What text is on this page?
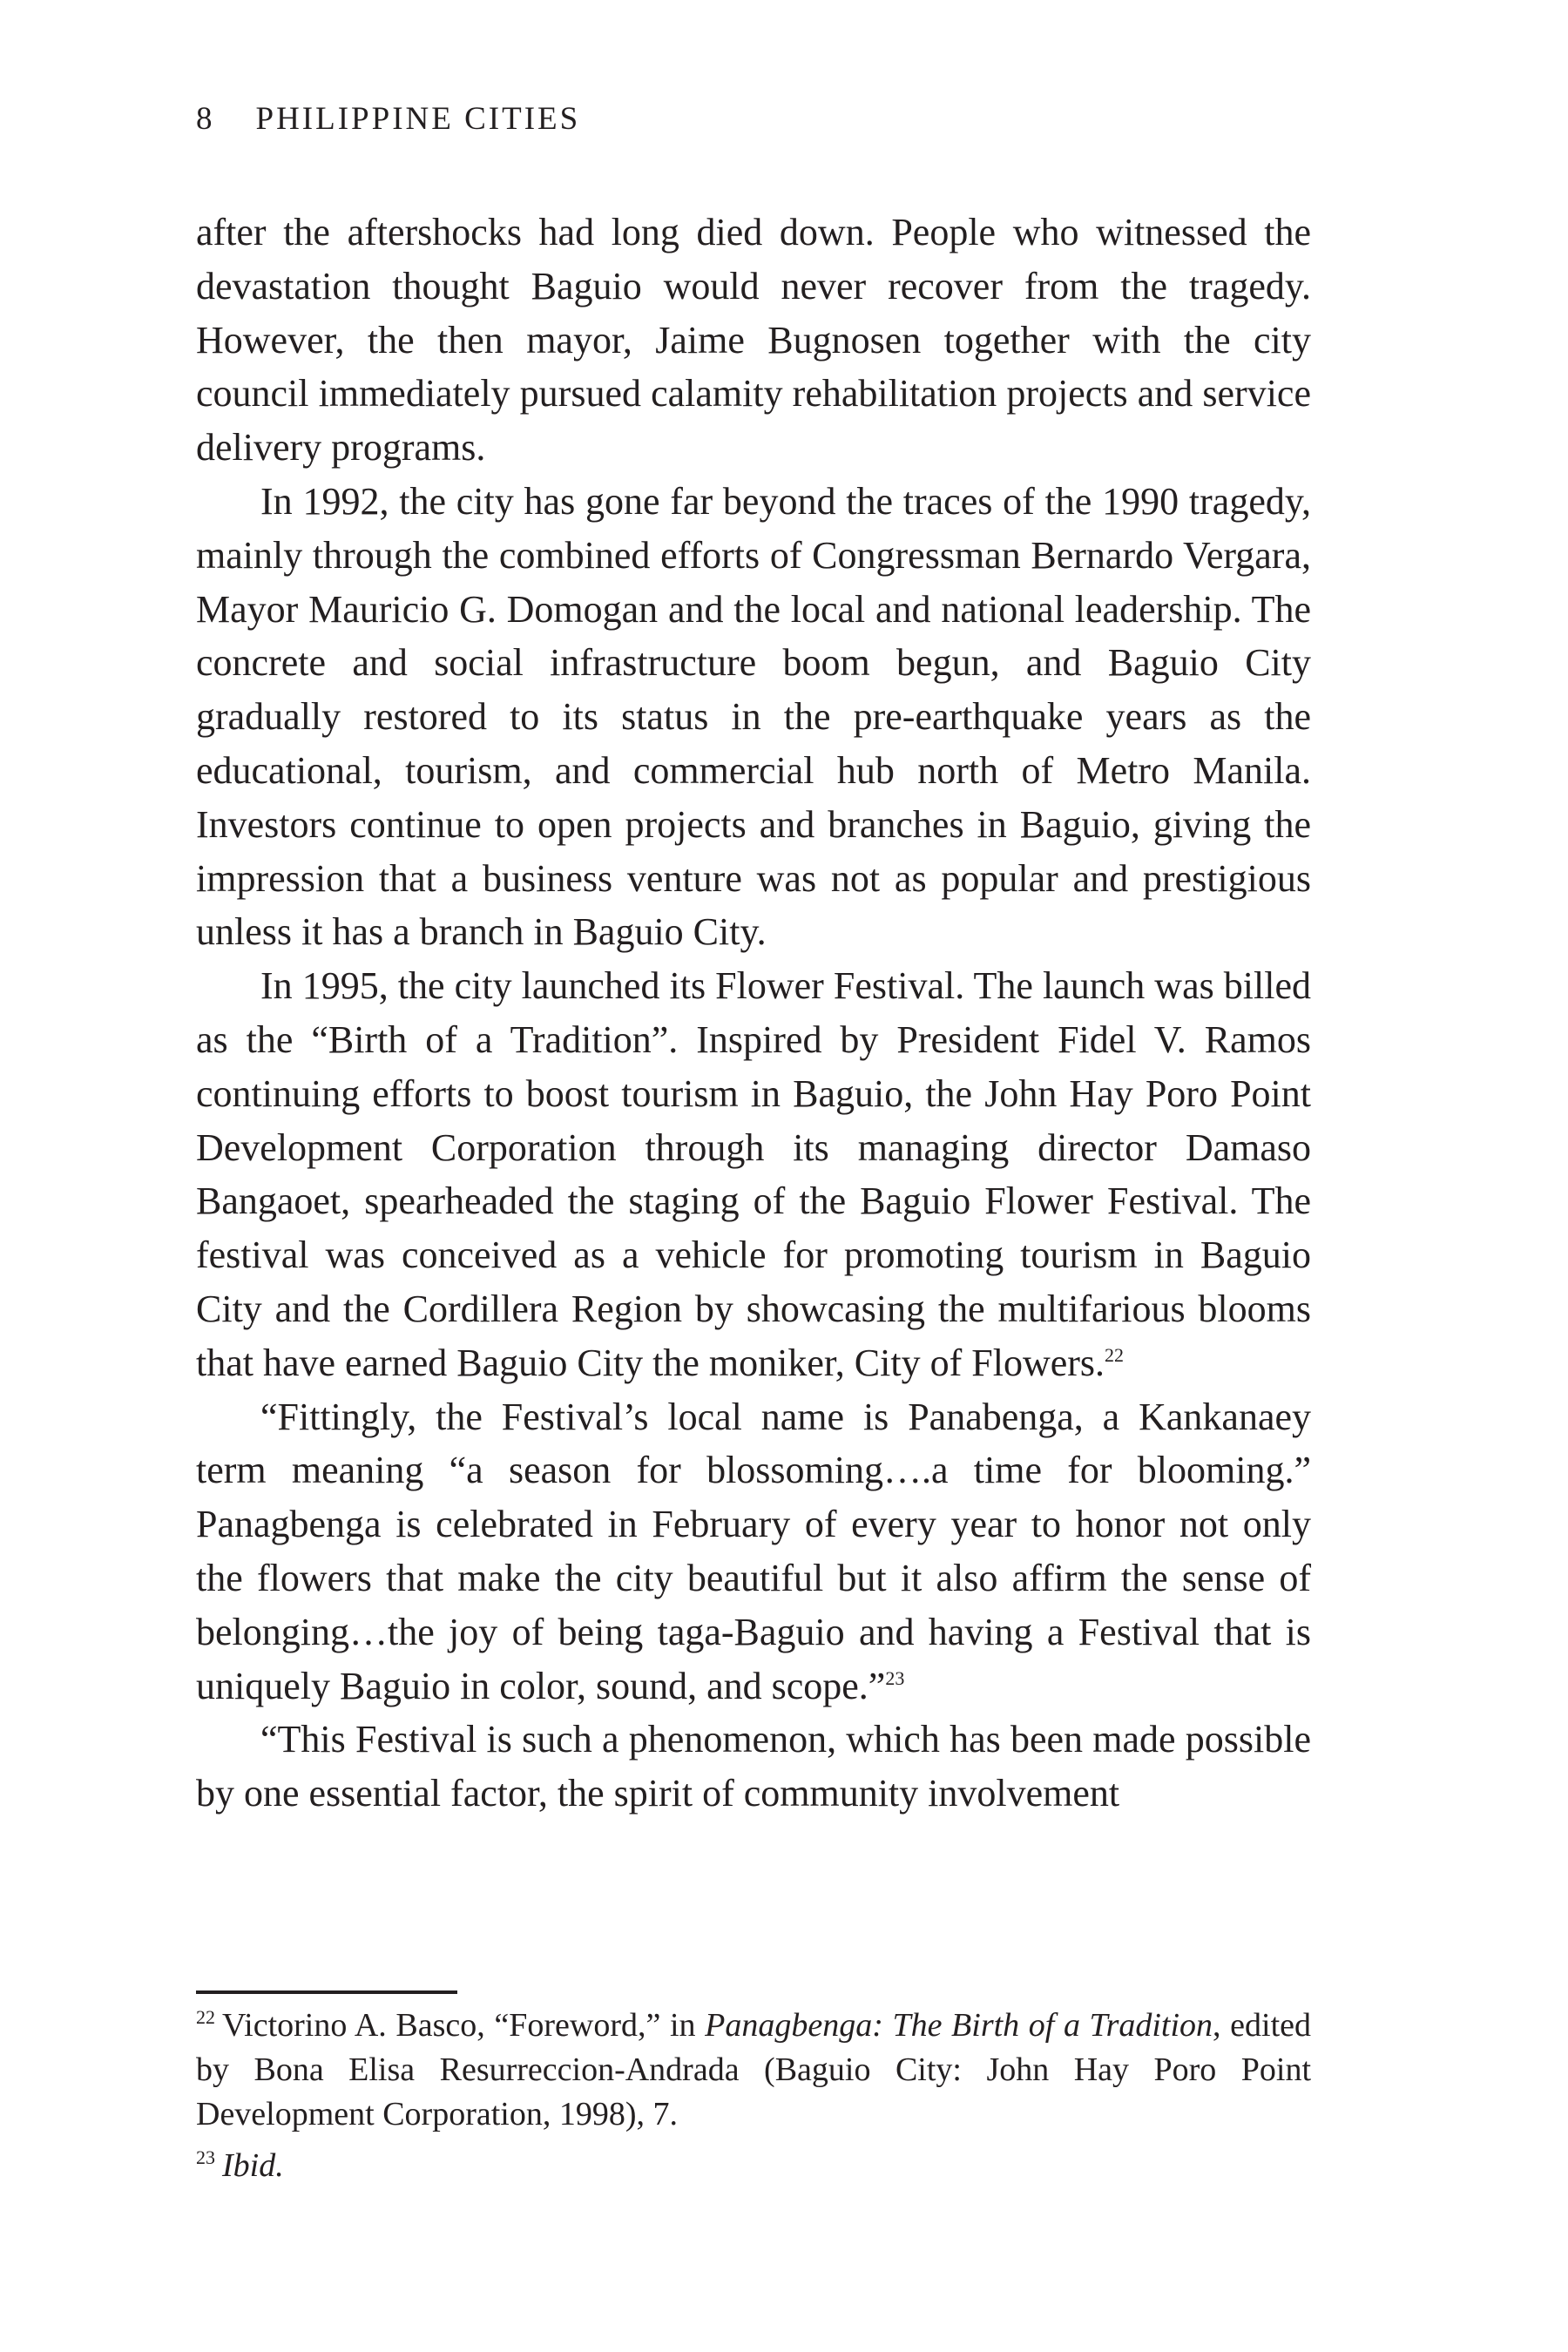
8 PHILIPPINE CITIES

after the aftershocks had long died down. People who witnessed the devastation thought Baguio would never recover from the tragedy. However, the then mayor, Jaime Bugnosen together with the city council immediately pursued calamity rehabilitation projects and service delivery programs.

In 1992, the city has gone far beyond the traces of the 1990 tragedy, mainly through the combined efforts of Congressman Bernardo Vergara, Mayor Mauricio G. Domogan and the local and national leadership. The concrete and social infrastructure boom begun, and Baguio City gradually restored to its status in the pre-earthquake years as the educational, tourism, and commercial hub north of Metro Manila. Investors continue to open projects and branches in Baguio, giving the impression that a business venture was not as popular and prestigious unless it has a branch in Baguio City.

In 1995, the city launched its Flower Festival. The launch was billed as the “Birth of a Tradition”. Inspired by President Fidel V. Ramos continuing efforts to boost tourism in Baguio, the John Hay Poro Point Development Corporation through its managing director Damaso Bangaoet, spearheaded the staging of the Baguio Flower Festival. The festival was conceived as a vehicle for promoting tourism in Baguio City and the Cordillera Region by showcasing the multifarious blooms that have earned Baguio City the moniker, City of Flowers.$^{22}$

“Fittingly, the Festival’s local name is Panabenga, a Kankanaey term meaning “a season for blossoming….a time for blooming.” Panagbenga is celebrated in February of every year to honor not only the flowers that make the city beautiful but it also affirm the sense of belonging…the joy of being taga-Baguio and having a Festival that is uniquely Baguio in color, sound, and scope.”$^{23}$

“This Festival is such a phenomenon, which has been made possible by one essential factor, the spirit of community involvement

$^{22}$ Victorino A. Basco, “Foreword,” in Panagbenga: The Birth of a Tradition, edited by Bona Elisa Resurreccion-Andrada (Baguio City: John Hay Poro Point Development Corporation, 1998), 7.

$^{23}$ Ibid.
